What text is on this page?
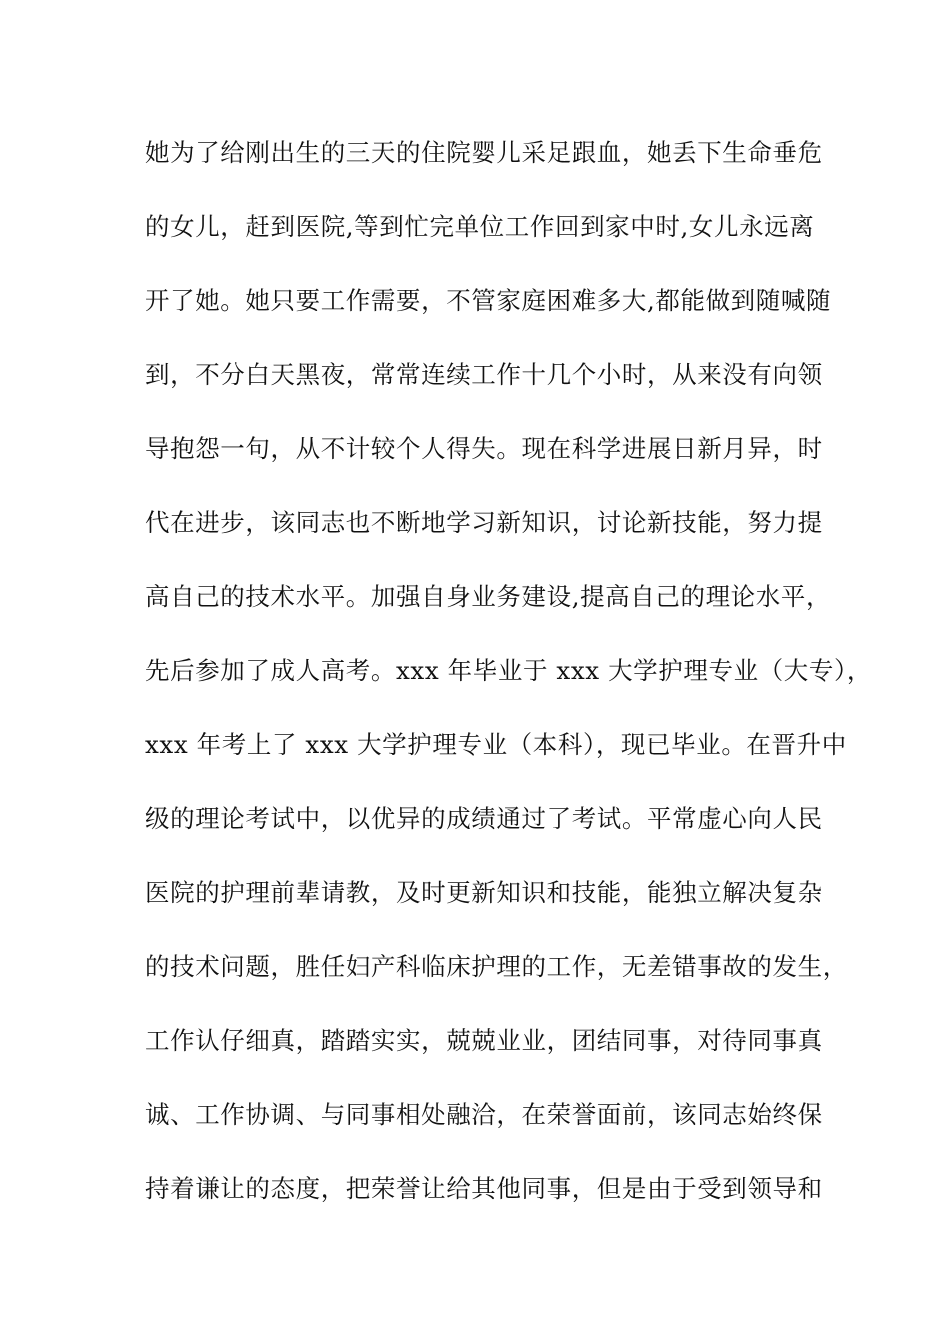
她为了给刚出生的三天的住院婴儿采足跟血，她丢下生命垂危
的女儿，赶到医院,等到忙完单位工作回到家中时,女儿永远离
开了她。她只要工作需要，不管家庭困难多大,都能做到随喊随
到，不分白天黑夜，常常连续工作十几个小时，从来没有向领
导抱怨一句，从不计较个人得失。现在科学进展日新月异，时
代在进步，该同志也不断地学习新知识，讨论新技能，努力提
高自己的技术水平。加强自身业务建设,提高自己的理论水平，
先后参加了成人高考。xxx 年毕业于 xxx 大学护理专业（大专），
xxx 年考上了 xxx 大学护理专业（本科），现已毕业。在晋升中
级的理论考试中，以优异的成绩通过了考试。平常虚心向人民
医院的护理前辈请教，及时更新知识和技能，能独立解决复杂
的技术问题，胜任妇产科临床护理的工作，无差错事故的发生，
工作认仔细真，踏踏实实，兢兢业业，团结同事，对待同事真
诚、工作协调、与同事相处融洽，在荣誉面前，该同志始终保
持着谦让的态度，把荣誉让给其他同事，但是由于受到领导和
